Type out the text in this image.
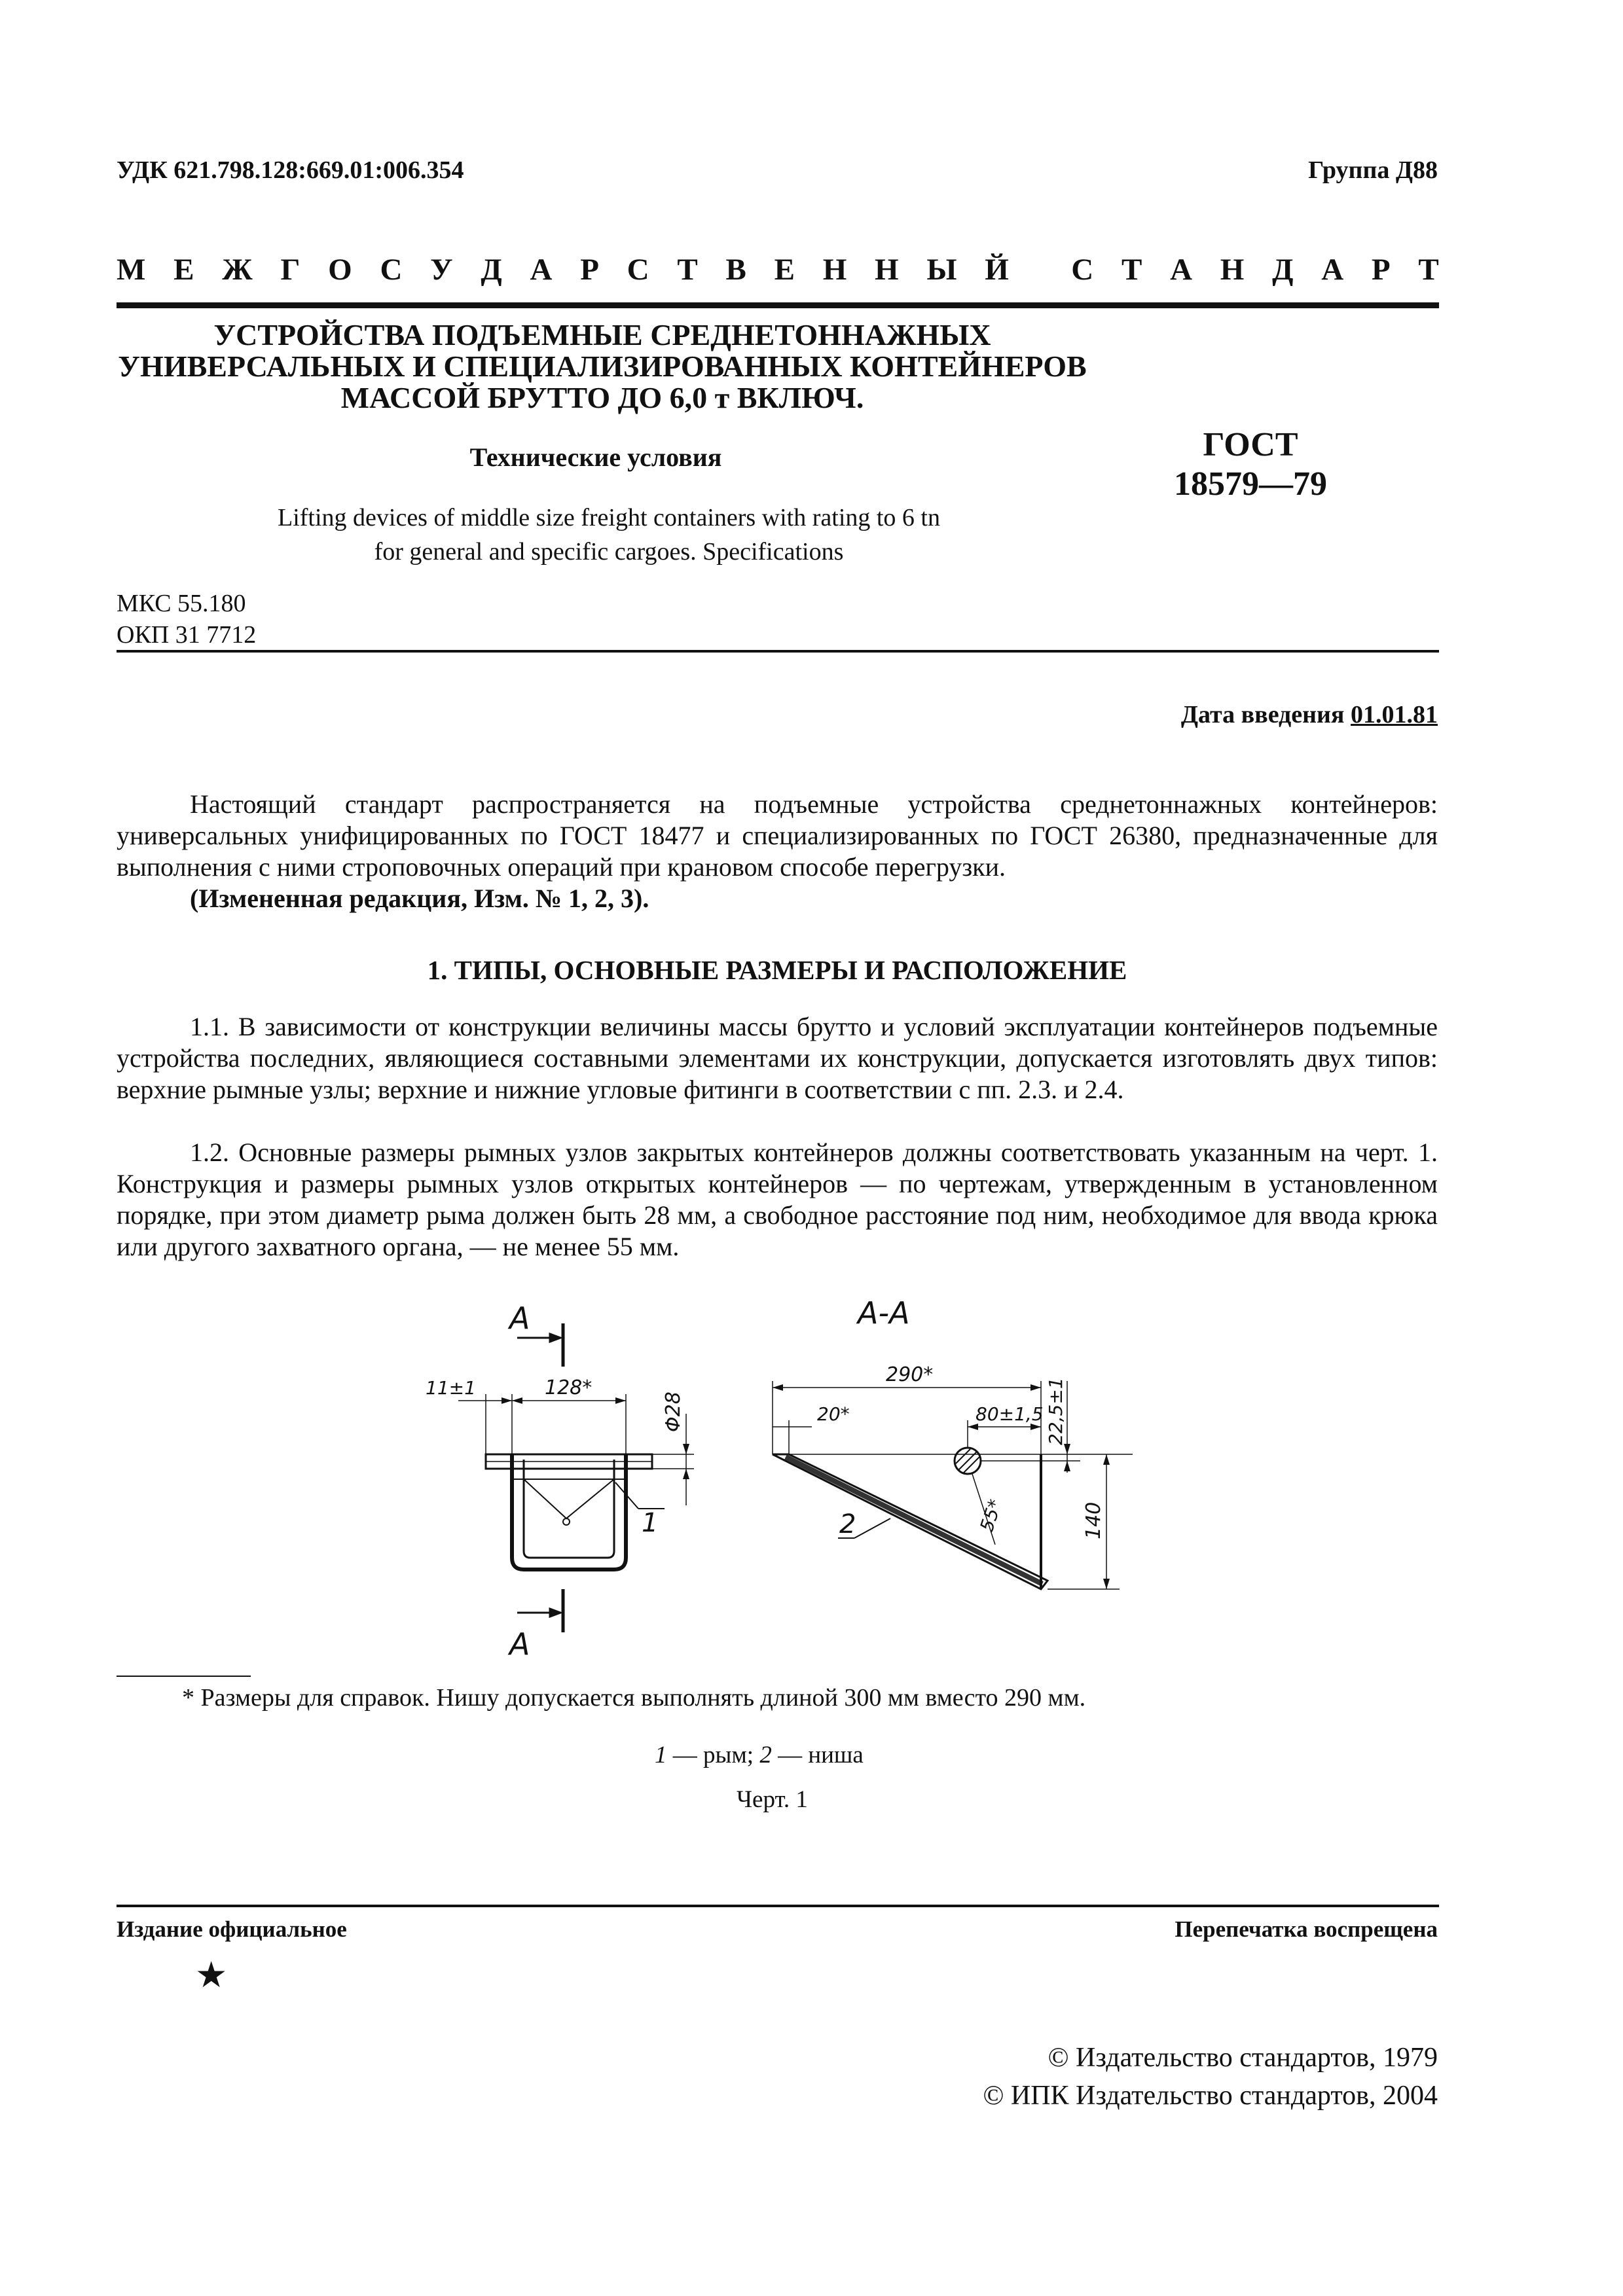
УДК 621.798.128:669.01:006.354	Группа Д88
М Е Ж Г О С У Д А Р С Т В Е Н Н Ы Й С Т А Н Д А Р Т
УСТРОЙСТВА ПОДЪЕМНЫЕ СРЕДНЕТОННАЖНЫХ
УНИВЕРСАЛЬНЫХ И СПЕЦИАЛИЗИРОВАННЫХ КОНТЕЙНЕРОВ
МАССОЙ БРУТТО ДО 6,0 т ВКЛЮЧ.
Технические условия
Lifting devices of middle size freight containers with rating to 6 tn
for general and specific cargoes. Specifications
ГОСТ
18579—79
МКС 55.180
ОКП 31 7712
Дата введения 01.01.81
Настоящий стандарт распространяется на подъемные устройства среднетоннажных контейнеров: универсальных унифицированных по ГОСТ 18477 и специализированных по ГОСТ 26380, предназначенные для выполнения с ними строповочных операций при крановом способе перегрузки.
(Измененная редакция, Изм. № 1, 2, 3).
1. ТИПЫ, ОСНОВНЫЕ РАЗМЕРЫ И РАСПОЛОЖЕНИЕ
1.1. В зависимости от конструкции величины массы брутто и условий эксплуатации контейнеров подъемные устройства последних, являющиеся составными элементами их конструкции, допускается изготовлять двух типов: верхние рымные узлы; верхние и нижние угловые фитинги в соответствии с пп. 2.3. и 2.4.
1.2. Основные размеры рымных узлов закрытых контейнеров должны соответствовать указанным на черт. 1. Конструкция и размеры рымных узлов открытых контейнеров — по чертежам, утвержденным в установленном порядке, при этом диаметр рыма должен быть 28 мм, а свободное расстояние под ним, необходимое для ввода крюка или другого захватного органа, — не менее 55 мм.
А
А
А-А
11±1	128*
Φ28
1
290*
20*	80±1,5 22,5±1
140
55*
2
* Размеры для справок. Нишу допускается выполнять длиной 300 мм вместо 290 мм.
1 — рым; 2 — ниша
Черт. 1
Издание официальное	Перепечатка воспрещена
★
© Издательство стандартов, 1979
© ИПК Издательство стандартов, 2004
